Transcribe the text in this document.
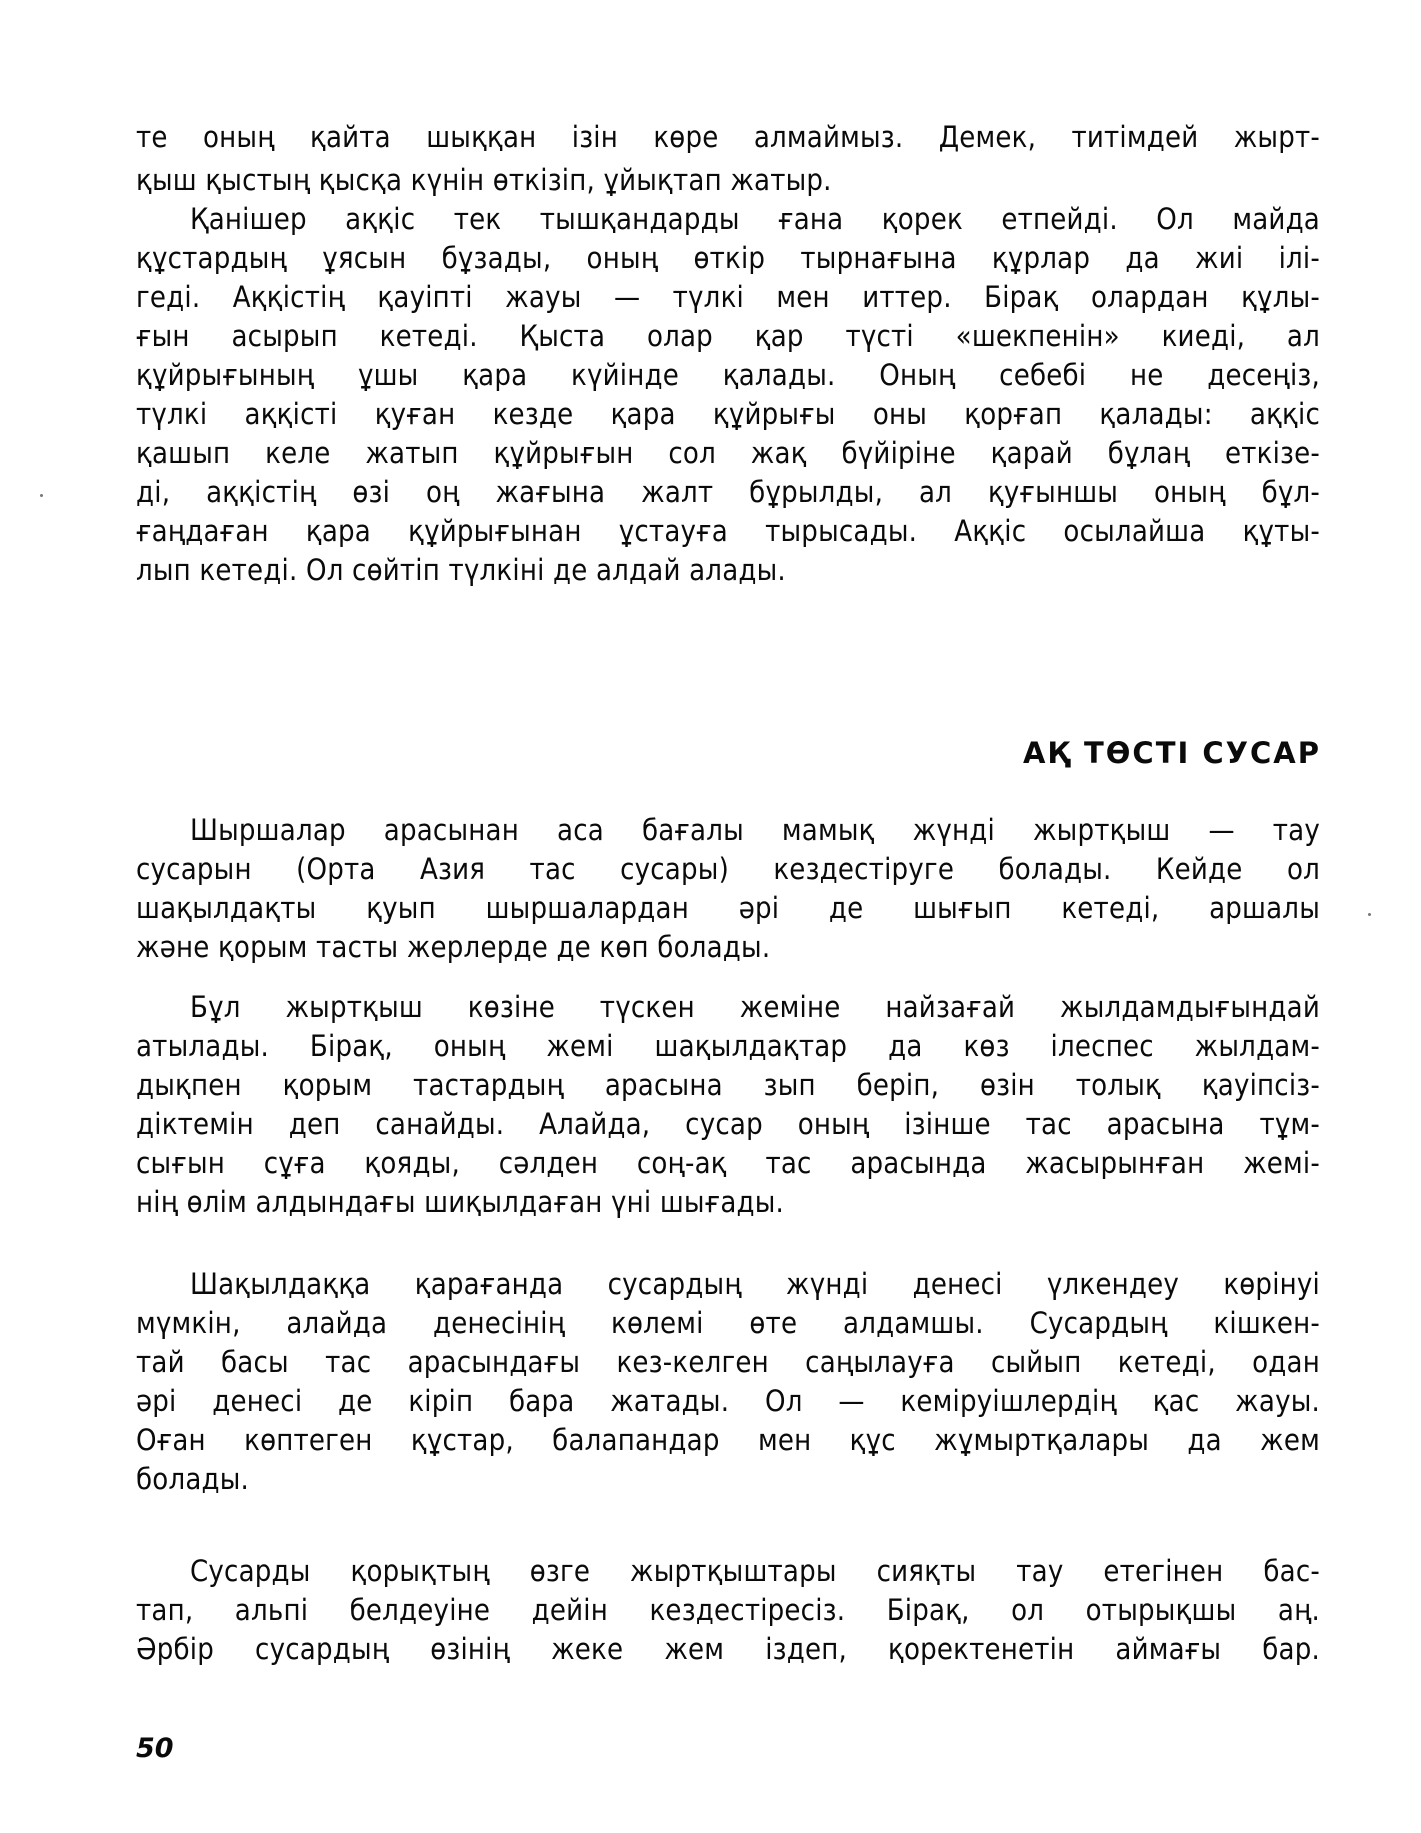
те оның қайта шыққан ізін көре алмаймыз. Демек, титімдей жырт-
қыш қыстың қысқа күнін өткізіп, ұйықтап жатыр.
Қанішер аққіс тек тышқандарды ғана қорек етпейді. Ол майда
құстардың ұясын бұзады, оның өткір тырнағына құрлар да жиі ілі-
геді. Аққістің қауіпті жауы — түлкі мен иттер. Бірақ олардан құлы-
ғын асырып кетеді. Қыста олар қар түсті «шекпенін» киеді, ал
құйрығының ұшы қара күйінде қалады. Оның себебі не десеңіз,
түлкі аққісті қуған кезде қара құйрығы оны қорғап қалады: аққіс
қашып келе жатып құйрығын сол жақ бүйіріне қарай бұлаң еткізе-
ді, аққістің өзі оң жағына жалт бұрылды, ал қуғыншы оның бұл-
ғаңдаған қара құйрығынан ұстауға тырысады. Аққіс осылайша құты-
лып кетеді. Ол сөйтіп түлкіні де алдай алады.
АҚ ТӨСТІ СУСАР
Шыршалар арасынан аса бағалы мамық жүнді жыртқыш — тау
сусарын (Орта Азия тас сусары) кездестіруге болады. Кейде ол
шақылдақты қуып шыршалардан әрі де шығып кетеді, аршалы
және қорым тасты жерлерде де көп болады.
Бұл жыртқыш көзіне түскен жеміне найзағай жылдамдығындай
атылады. Бірақ, оның жемі шақылдақтар да көз ілеспес жылдам-
дықпен қорым тастардың арасына зып беріп, өзін толық қауіпсіз-
діктемін деп санайды. Алайда, сусар оның ізінше тас арасына тұм-
сығын сұға қояды, сәлден соң-ақ тас арасында жасырынған жемі-
нің өлім алдындағы шиқылдаған үні шығады.
Шақылдаққа қарағанда сусардың жүнді денесі үлкендеу көрінуі
мүмкін, алайда денесінің көлемі өте алдамшы. Сусардың кішкен-
тай басы тас арасындағы кез-келген саңылауға сыйып кетеді, одан
әрі денесі де кіріп бара жатады. Ол — кеміруішлердің қас жауы.
Оған көптеген құстар, балапандар мен құс жұмыртқалары да жем
болады.
Сусарды қорықтың өзге жыртқыштары сияқты тау етегінен бас-
тап, альпі белдеуіне дейін кездестіресіз. Бірақ, ол отырықшы аң.
Әрбір сусардың өзінің жеке жем іздеп, қоректенетін аймағы бар.
50
